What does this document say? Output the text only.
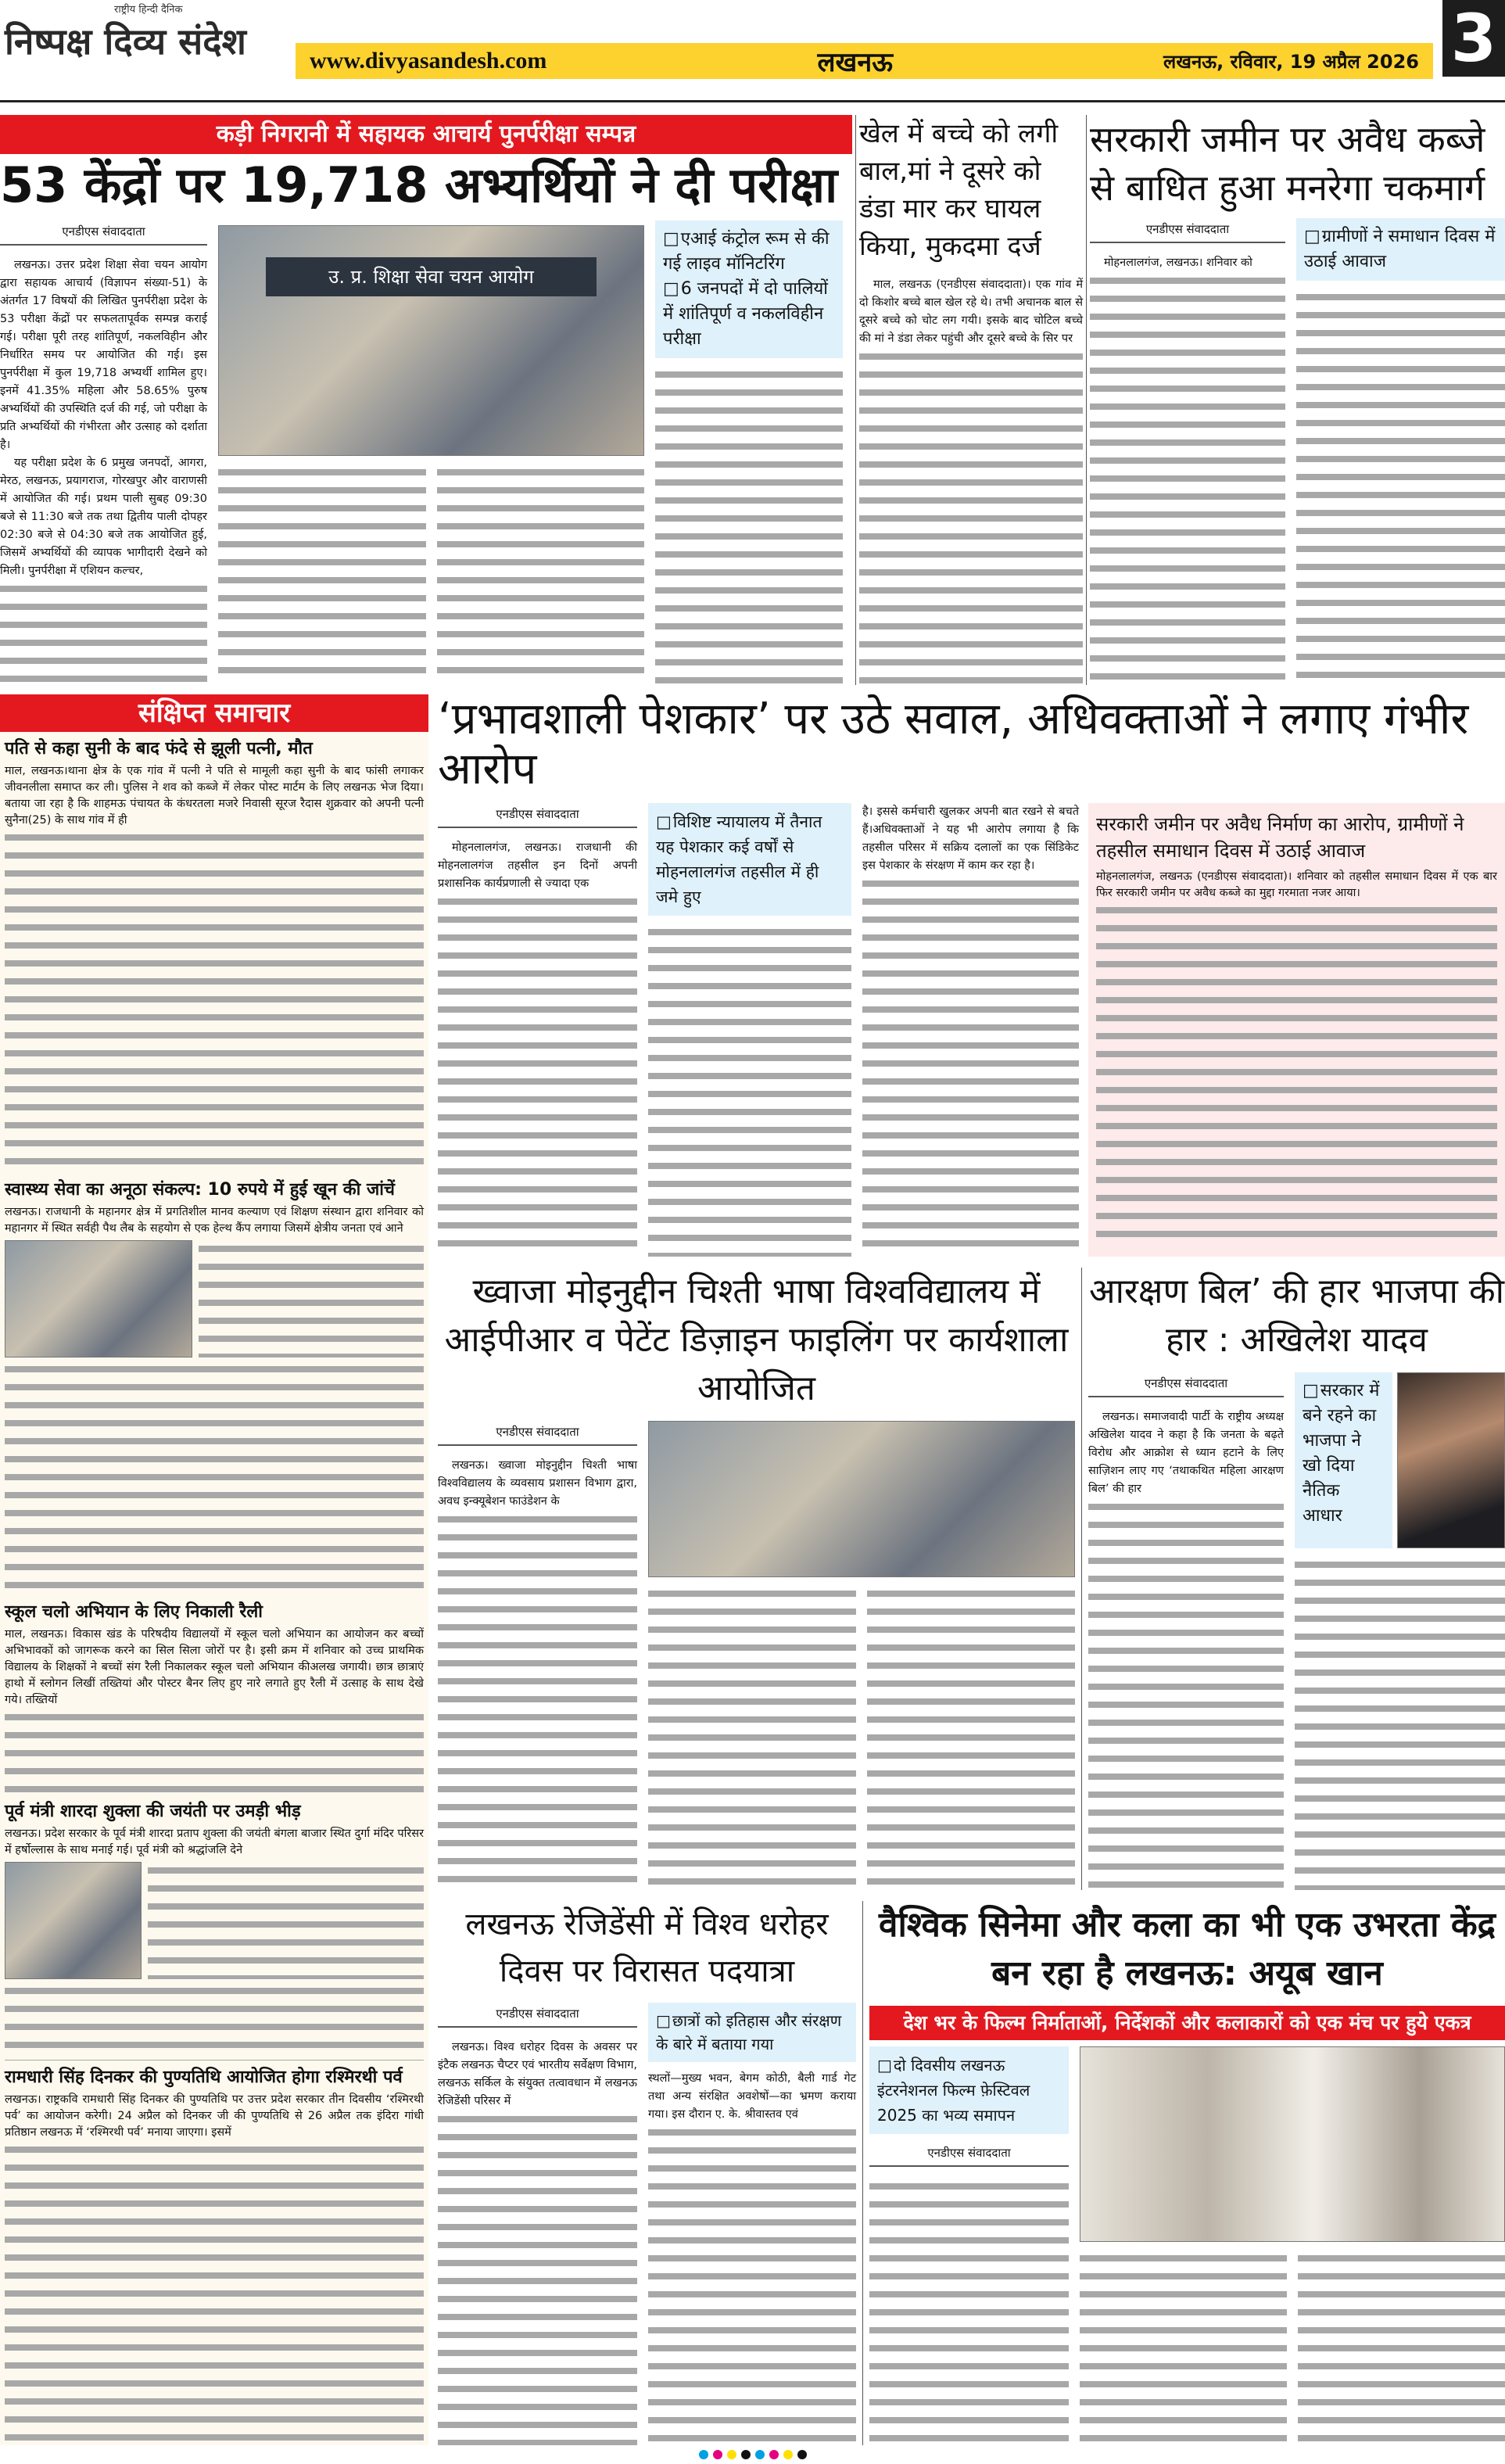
राष्ट्रीय हिन्दी दैनिक
निष्पक्ष दिव्य संदेश	www.divyasandesh.com	लखनऊ	लखनऊ, रविवार, 19 अप्रैल 2026 3
कड़ी निगरानी में सहायक आचार्य पुनर्परीक्षा सम्पन्न
53 केंद्रों पर 19,718 अभ्यर्थियों ने दी परीक्षा
एनडीएस संवाददाता

लखनऊ। उत्तर प्रदेश शिक्षा सेवा चयन आयोग द्वारा सहायक आचार्य (विज्ञापन संख्या-51) के अंतर्गत 17 विषयों की लिखित पुनर्परीक्षा प्रदेश के 53 परीक्षा केंद्रों पर सफलतापूर्वक सम्पन्न कराई गई। परीक्षा पूरी तरह शांतिपूर्ण, नकलविहीन और निर्धारित समय पर आयोजित की गई। इस पुनर्परीक्षा में कुल 19,718 अभ्यर्थी शामिल हुए। इनमें 41.35% महिला और 58.65% पुरुष अभ्यर्थियों की उपस्थिति दर्ज की गई, जो परीक्षा के प्रति अभ्यर्थियों की गंभीरता और उत्साह को दर्शाता है।

यह परीक्षा प्रदेश के 6 प्रमुख जनपदों, आगरा, मेरठ, लखनऊ, प्रयागराज, गोरखपुर और वाराणसी में आयोजित की गई। प्रथम पाली सुबह 09:30 बजे से 11:30 बजे तक तथा द्वितीय पाली दोपहर 02:30 बजे से 04:30 बजे तक आयोजित हुई, जिसमें अभ्यर्थियों की व्यापक भागीदारी देखने को मिली। पुनर्परीक्षा में एशियन कल्चर,

उ. प्र. शिक्षा सेवा चयन आयोग
□ एआई कंट्रोल रूम से की गई लाइव मॉनिटरिंग
□ 6 जनपदों में दो पालियों में शांतिपूर्ण व नकलविहीन परीक्षा
खेल में बच्चे को लगी बाल,मां ने दूसरे को डंडा मार कर घायल किया, मुकदमा दर्ज

माल, लखनऊ (एनडीएस संवाददाता)। एक गांव में दो किशोर बच्चे बाल खेल रहे थे। तभी अचानक बाल से दूसरे बच्चे को चोट लग गयी। इसके बाद चोटिल बच्चे की मां ने डंडा लेकर पहुंची और दूसरे बच्चे के सिर पर

सरकारी जमीन पर अवैध कब्जे से बाधित हुआ मनरेगा चकमार्ग
एनडीएस संवाददाता

मोहनलालगंज, लखनऊ। शनिवार को

□ ग्रामीणों ने समाधान दिवस में उठाई आवाज
संक्षिप्त समाचार
पति से कहा सुनी के बाद फंदे से झूली पत्नी, मौत

माल, लखनऊ।थाना क्षेत्र के एक गांव में पत्नी ने पति से मामूली कहा सुनी के बाद फांसी लगाकर जीवनलीला समाप्त कर ली। पुलिस ने शव को कब्जे में लेकर पोस्ट मार्टम के लिए लखनऊ भेज दिया। बताया जा रहा है कि शाहमऊ पंचायत के कंधरतला मजरे निवासी सूरज रैदास शुक्रवार को अपनी पत्नी सुनैना(25) के साथ गांव में ही

स्वास्थ्य सेवा का अनूठा संकल्प: 10 रुपये में हुई खून की जांचें

लखनऊ। राजधानी के महानगर क्षेत्र में प्रगतिशील मानव कल्याण एवं शिक्षण संस्थान द्वारा शनिवार को महानगर में स्थित सर्वही पैथ लैब के सहयोग से एक हेल्थ कैंप लगाया जिसमें क्षेत्रीय जनता एवं आने

स्कूल चलो अभियान के लिए निकाली रैली

माल, लखनऊ। विकास खंड के परिषदीय विद्यालयों में स्कूल चलो अभियान का आयोजन कर बच्चों अभिभावकों को जागरूक करने का सिल सिला जोरों पर है। इसी क्रम में शनिवार को उच्च प्राथमिक विद्यालय के शिक्षकों ने बच्चों संग रैली निकालकर स्कूल चलो अभियान कीअलख जगायी। छात्र छात्राएं हाथो में स्लोगन लिखीं तख्तियां और पोस्टर बैनर लिए हुए नारे लगाते हुए रैली में उत्साह के साथ देखे गये। तख्तियों

पूर्व मंत्री शारदा शुक्ला की जयंती पर उमड़ी भीड़

लखनऊ। प्रदेश सरकार के पूर्व मंत्री शारदा प्रताप शुक्ला की जयंती बंगला बाजार स्थित दुर्गा मंदिर परिसर में हर्षोल्लास के साथ मनाई गई। पूर्व मंत्री को श्रद्धांजलि देने

रामधारी सिंह दिनकर की पुण्यतिथि आयोजित होगा रश्मिरथी पर्व

लखनऊ। राष्ट्रकवि रामधारी सिंह दिनकर की पुण्यतिथि पर उत्तर प्रदेश सरकार तीन दिवसीय ‘रश्मिरथी पर्व’ का आयोजन करेगी। 24 अप्रैल को दिनकर जी की पुण्यतिथि से 26 अप्रैल तक इंदिरा गांधी प्रतिष्ठान लखनऊ में ‘रश्मिरथी पर्व’ मनाया जाएगा। इसमें

‘प्रभावशाली पेशकार’ पर उठे सवाल, अधिवक्ताओं ने लगाए गंभीर आरोप
एनडीएस संवाददाता

मोहनलालगंज, लखनऊ। राजधानी की मोहनलालगंज तहसील इन दिनों अपनी प्रशासनिक कार्यप्रणाली से ज्यादा एक

□ विशिष्ट न्यायालय में तैनात यह पेशकार कई वर्षों से मोहनलालगंज तहसील में ही जमे हुए

है। इससे कर्मचारी खुलकर अपनी बात रखने से बचते हैं।अधिवक्ताओं ने यह भी आरोप लगाया है कि तहसील परिसर में सक्रिय दलालों का एक सिंडिकेट इस पेशकार के संरक्षण में काम कर रहा है।

सरकारी जमीन पर अवैध निर्माण का आरोप, ग्रामीणों ने तहसील समाधान दिवस में उठाई आवाज

मोहनलालगंज, लखनऊ (एनडीएस संवाददाता)। शनिवार को तहसील समाधान दिवस में एक बार फिर सरकारी जमीन पर अवैध कब्जे का मुद्दा गरमाता नजर आया।

ख्वाजा मोइनुद्दीन चिश्ती भाषा विश्वविद्यालय में आईपीआर व पेटेंट डिज़ाइन फाइलिंग पर कार्यशाला आयोजित
एनडीएस संवाददाता

लखनऊ। ख्वाजा मोइनुद्दीन चिश्ती भाषा विश्वविद्यालय के व्यवसाय प्रशासन विभाग द्वारा, अवध इन्क्यूबेशन फाउंडेशन के

आरक्षण बिल’ की हार भाजपा की हार : अखिलेश यादव
एनडीएस संवाददाता

लखनऊ। समाजवादी पार्टी के राष्ट्रीय अध्यक्ष अखिलेश यादव ने कहा है कि जनता के बढ़ते विरोध और आक्रोश से ध्यान हटाने के लिए साज़िशन लाए गए ‘तथाकथित महिला आरक्षण बिल’ की हार

□ सरकार में बने रहने का भाजपा ने खो दिया नैतिक आधार
लखनऊ रेजिडेंसी में विश्व धरोहर दिवस पर विरासत पदयात्रा
एनडीएस संवाददाता

लखनऊ। विश्व धरोहर दिवस के अवसर पर इंटैक लखनऊ चैप्टर एवं भारतीय सर्वेक्षण विभाग, लखनऊ सर्किल के संयुक्त तत्वावधान में लखनऊ रेजिडेंसी परिसर में

□ छात्रों को इतिहास और संरक्षण के बारे में बताया गया

स्थलों—मुख्य भवन, बेगम कोठी, बैली गार्ड गेट तथा अन्य संरक्षित अवशेषों—का भ्रमण कराया गया। इस दौरान ए. के. श्रीवास्तव एवं

वैश्विक सिनेमा और कला का भी एक उभरता केंद्र बन रहा है लखनऊ: अयूब खान
देश भर के फिल्म निर्माताओं, निर्देशकों और कलाकारों को एक मंच पर हुये एकत्र
□ दो दिवसीय लखनऊ इंटरनेशनल फिल्म फ़ेस्टिवल 2025 का भव्य समापन
एनडीएस संवाददाता
